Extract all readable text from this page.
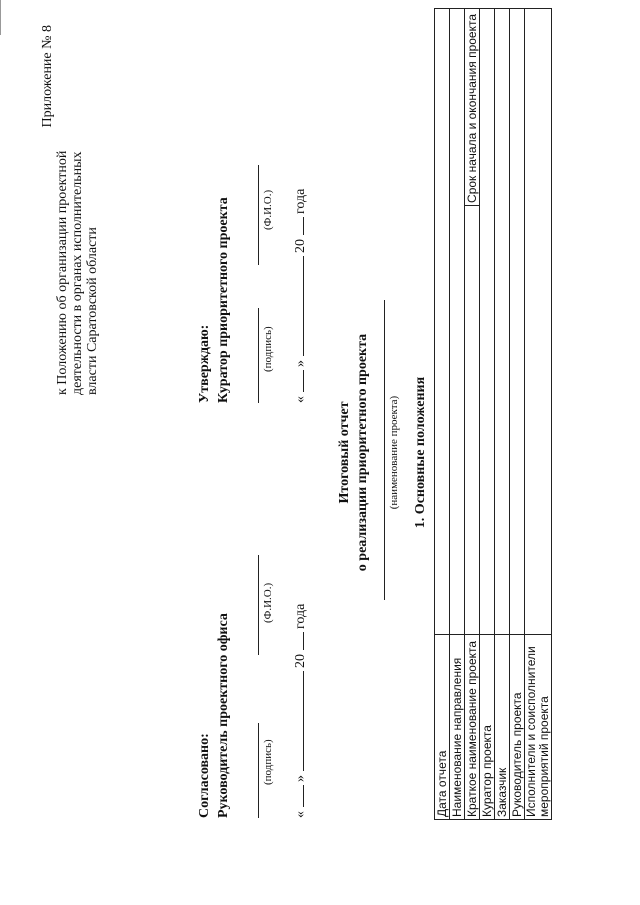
Приложение № 8
к Положению об организации проектной деятельности в органах исполнительных власти Саратовской области
Согласовано: Руководитель проектного офиса	(подпись)
(Ф.И.О.)
«  »  20  года
Утверждаю: Куратор приоритетного проекта	(подпись)
(Ф.И.О.)
«  »  20  года
Итоговый отчет о реализации приоритетного проекта (наименование проекта) 1. Основные положения
Дата отчета		
Наименование направления		
Краткое наименование проекта		Срок начала и окончания проекта
Куратор проекта		
Заказчик		
Руководитель проекта		

Исполнители и соисполнители мероприятий проекта		
